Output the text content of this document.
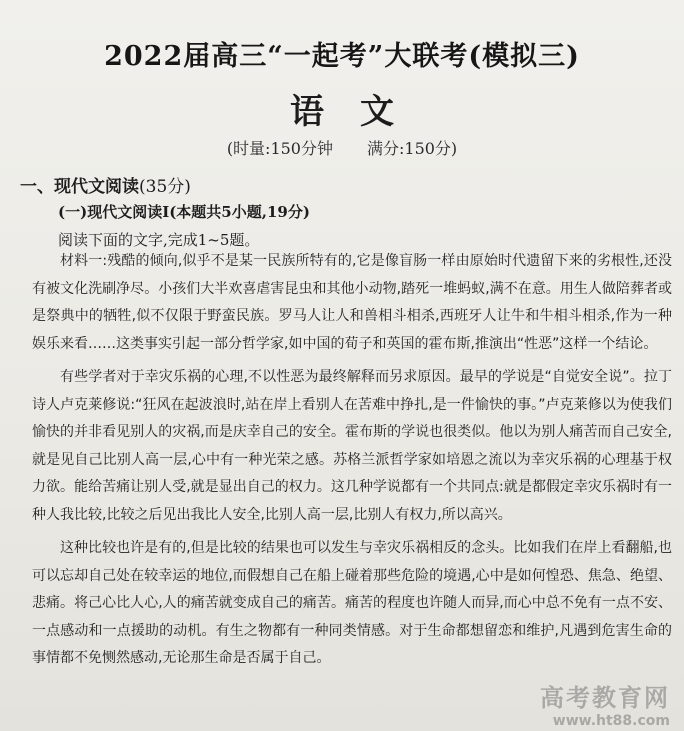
2022届高三“一起考”大联考(模拟三)
语文
(时量:150分钟 满分:150分)
一、现代文阅读(35分)
(一)现代文阅读Ⅰ(本题共5小题,19分)
阅读下面的文字,完成1~5题。

材料一:残酷的倾向,似乎不是某一民族所特有的,它是像盲肠一样由原始时代遗留下来的劣根性,还没有被文化洗刷净尽。小孩们大半欢喜虐害昆虫和其他小动物,踏死一堆蚂蚁,满不在意。用生人做陪葬者或是祭典中的牺牲,似不仅限于野蛮民族。罗马人让人和兽相斗相杀,西班牙人让牛和牛相斗相杀,作为一种娱乐来看……这类事实引起一部分哲学家,如中国的荀子和英国的霍布斯,推演出“性恶”这样一个结论。

有些学者对于幸灾乐祸的心理,不以性恶为最终解释而另求原因。最早的学说是“自觉安全说”。拉丁诗人卢克莱修说:“狂风在起波浪时,站在岸上看别人在苦难中挣扎,是一件愉快的事。”卢克莱修以为使我们愉快的并非看见别人的灾祸,而是庆幸自己的安全。霍布斯的学说也很类似。他以为别人痛苦而自己安全,就是见自己比别人高一层,心中有一种光荣之感。苏格兰派哲学家如培恩之流以为幸灾乐祸的心理基于权力欲。能给苦痛让别人受,就是显出自己的权力。这几种学说都有一个共同点:就是都假定幸灾乐祸时有一种人我比较,比较之后见出我比人安全,比别人高一层,比别人有权力,所以高兴。

这种比较也许是有的,但是比较的结果也可以发生与幸灾乐祸相反的念头。比如我们在岸上看翻船,也可以忘却自己处在较幸运的地位,而假想自己在船上碰着那些危险的境遇,心中是如何惶恐、焦急、绝望、悲痛。将己心比人心,人的痛苦就变成自己的痛苦。痛苦的程度也许随人而异,而心中总不免有一点不安、一点感动和一点援助的动机。有生之物都有一种同类情感。对于生命都想留恋和维护,凡遇到危害生命的事情都不免恻然感动,无论那生命是否属于自己。

高考教育网
www.ht88.com
